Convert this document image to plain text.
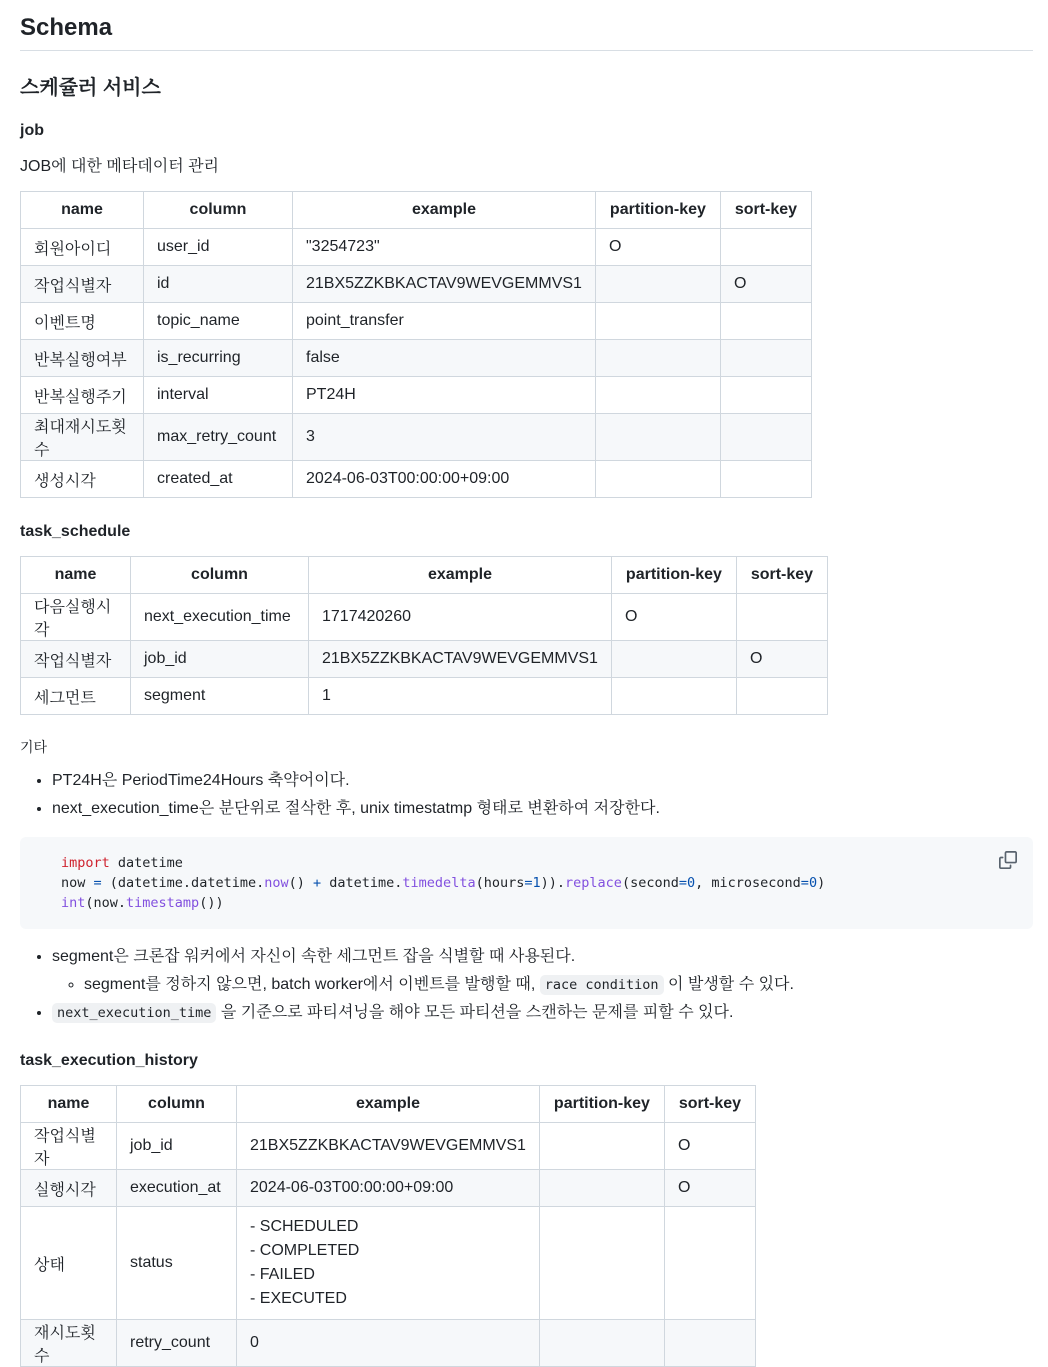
Schema
스케쥴러 서비스
job

JOB에 대한 메타데이터 관리

name	column	example	partition-key	sort-key
회원아이디	user_id	"3254723"	O	
작업식별자	id	21BX5ZZKBKACTAV9WEVGEMMVS1		O
이벤트명	topic_name	point_transfer		
반복실행여부	is_recurring	false		
반복실행주기	interval	PT24H		
최대재시도횟수	max_retry_count	3		
생성시각	created_at	2024-06-03T00:00:00+09:00		
task_schedule
name	column	example	partition-key	sort-key
다음실행시각	next_execution_time	1717420260	O	
작업식별자	job_id	21BX5ZZKBKACTAV9WEVGEMMVS1		O
세그먼트	segment	1		
기타
• PT24H은 PeriodTime24Hours 축약어이다.
• next_execution_time은 분단위로 절삭한 후, unix timestatmp 형태로 변환하여 저장한다.
import datetime
now = (datetime.datetime.now() + datetime.timedelta(hours=1)).replace(second=0, microsecond=0)
int(now.timestamp())
• segment은 크론잡 워커에서 자신이 속한 세그먼트 잡을 식별할 때 사용된다.
◦ segment를 정하지 않으면, batch worker에서 이벤트를 발행할 때, race condition 이 발생할 수 있다.
• next_execution_time 을 기준으로 파티셔닝을 해야 모든 파티션을 스캔하는 문제를 피할 수 있다.
task_execution_history
name	column	example	partition-key	sort-key
작업식별자	job_id	21BX5ZZKBKACTAV9WEVGEMMVS1		O
실행시각	execution_at	2024-06-03T00:00:00+09:00		O
상태	status	- SCHEDULED
- COMPLETED
- FAILED
- EXECUTED		

재시도횟수	retry_count	0		
